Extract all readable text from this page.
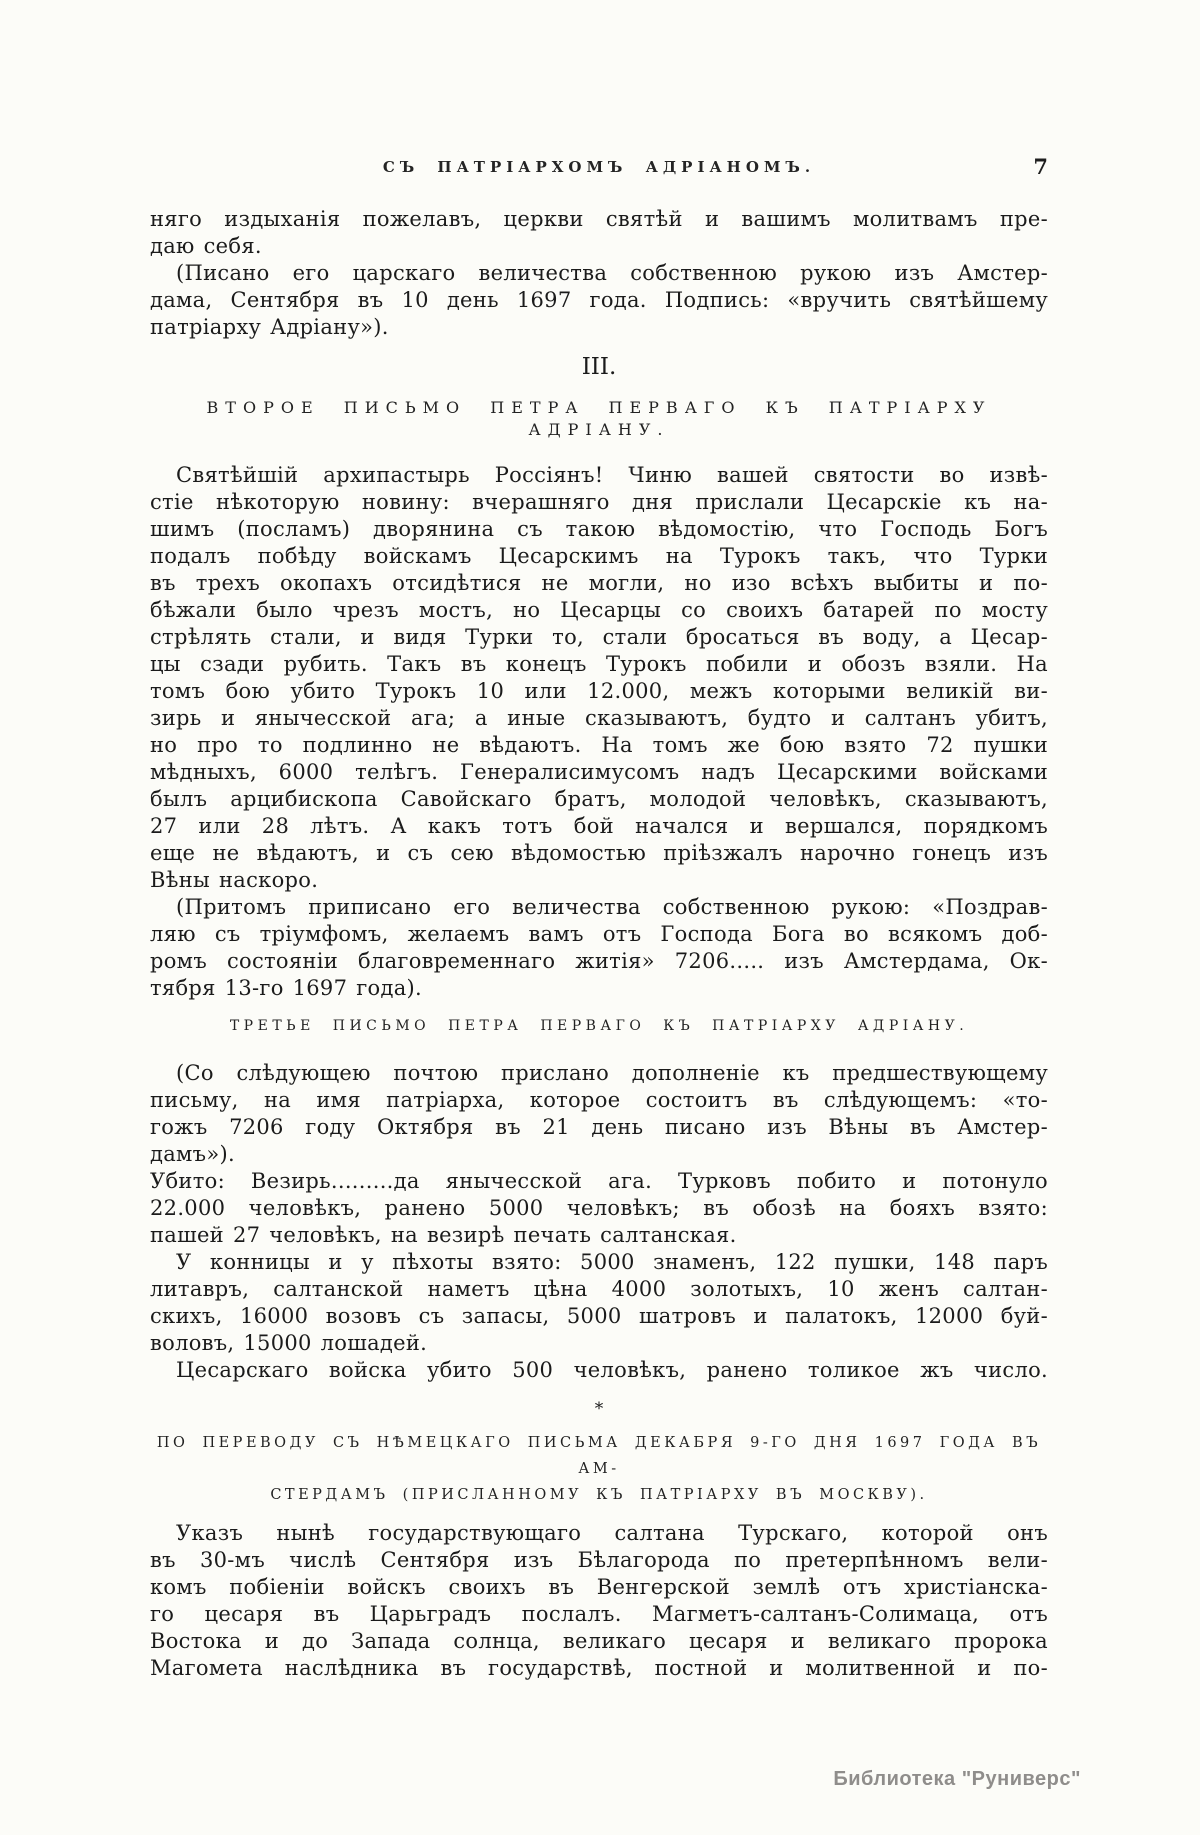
СЪ ПАТРІАРХОМЪ АДРІАНОМЪ.	7
няго издыханія пожелавъ, церкви святѣй и вашимъ молитвамъ пре-
даю себя.
(Писано его царскаго величества собственною рукою изъ Амстер-
дама, Сентября въ 10 день 1697 года. Подпись: «вручить святѣйшему
патріарху Адріану»).
III.
ВТОРОЕ ПИСЬМО ПЕТРА ПЕРВАГО КЪ ПАТРІАРХУ АДРІАНУ.
Святѣйшій архипастырь Россіянъ! Чиню вашей святости во извѣ-
стіе нѣкоторую новину: вчерашняго дня прислали Цесарскіе къ на-
шимъ (посламъ) дворянина съ такою вѣдомостію, что Господь Богъ
подалъ побѣду войскамъ Цесарскимъ на Турокъ такъ, что Турки
въ трехъ окопахъ отсидѣтися не могли, но изо всѣхъ выбиты и по-
бѣжали было чрезъ мостъ, но Цесарцы со своихъ батарей по мосту
стрѣлять стали, и видя Турки то, стали бросаться въ воду, а Цесар-
цы сзади рубить. Такъ въ конецъ Турокъ побили и обозъ взяли. На
томъ бою убито Турокъ 10 или 12.000, межъ которыми великій ви-
зирь и янычесской ага; а иные сказываютъ, будто и салтанъ убитъ,
но про то подлинно не вѣдаютъ. На томъ же бою взято 72 пушки
мѣдныхъ, 6000 телѣгъ. Генералисимусомъ надъ Цесарскими войсками
былъ арцибископа Савойскаго братъ, молодой человѣкъ, сказываютъ,
27 или 28 лѣтъ. А какъ тотъ бой начался и вершался, порядкомъ
еще не вѣдаютъ, и съ сею вѣдомостью пріѣзжалъ нарочно гонецъ изъ
Вѣны наскоро.
(Притомъ приписано его величества собственною рукою: «Поздрав-
ляю съ тріумфомъ, желаемъ вамъ отъ Господа Бога во всякомъ доб-
ромъ состояніи благовременнаго житія» 7206..... изъ Амстердама, Ок-
тября 13-го 1697 года).
ТРЕТЬЕ ПИСЬМО ПЕТРА ПЕРВАГО КЪ ПАТРІАРХУ АДРІАНУ.
(Со слѣдующею почтою прислано дополненіе къ предшествующему
письму, на имя патріарха, которое состоитъ въ слѣдующемъ: «то-
гожъ 7206 году Октября въ 21 день писано изъ Вѣны въ Амстер-
дамъ»).
Убито: Везирь.........да янычесской ага. Турковъ побито и потонуло
22.000 человѣкъ, ранено 5000 человѣкъ; въ обозѣ на бояхъ взято:
пашей 27 человѣкъ, на везирѣ печать салтанская.
У конницы и у пѣхоты взято: 5000 знаменъ, 122 пушки, 148 паръ
литавръ, салтанской наметъ цѣна 4000 золотыхъ, 10 женъ салтан-
скихъ, 16000 возовъ съ запасы, 5000 шатровъ и палатокъ, 12000 буй-
воловъ, 15000 лошадей.
Цесарскаго войска убито 500 человѣкъ, ранено толикое жъ число.
*
ПО ПЕРЕВОДУ СЪ НѢМЕЦКАГО ПИСЬМА ДЕКАБРЯ 9-ГО ДНЯ 1697 ГОДА ВЪ АМ-
СТЕРДАМЪ (ПРИСЛАННОМУ КЪ ПАТРІАРХУ ВЪ МОСКВУ).
Указъ нынѣ государствующаго салтана Турскаго, которой онъ
въ 30-мъ числѣ Сентября изъ Бѣлагорода по претерпѣнномъ вели-
комъ побіеніи войскъ своихъ въ Венгерской землѣ отъ христіанска-
го цесаря въ Царьградъ послалъ. Магметъ-салтанъ-Солимаца, отъ
Востока и до Запада солнца, великаго цесаря и великаго пророка
Магомета наслѣдника въ государствѣ, постной и молитвенной и по-
Библиотека "Руниверс"
